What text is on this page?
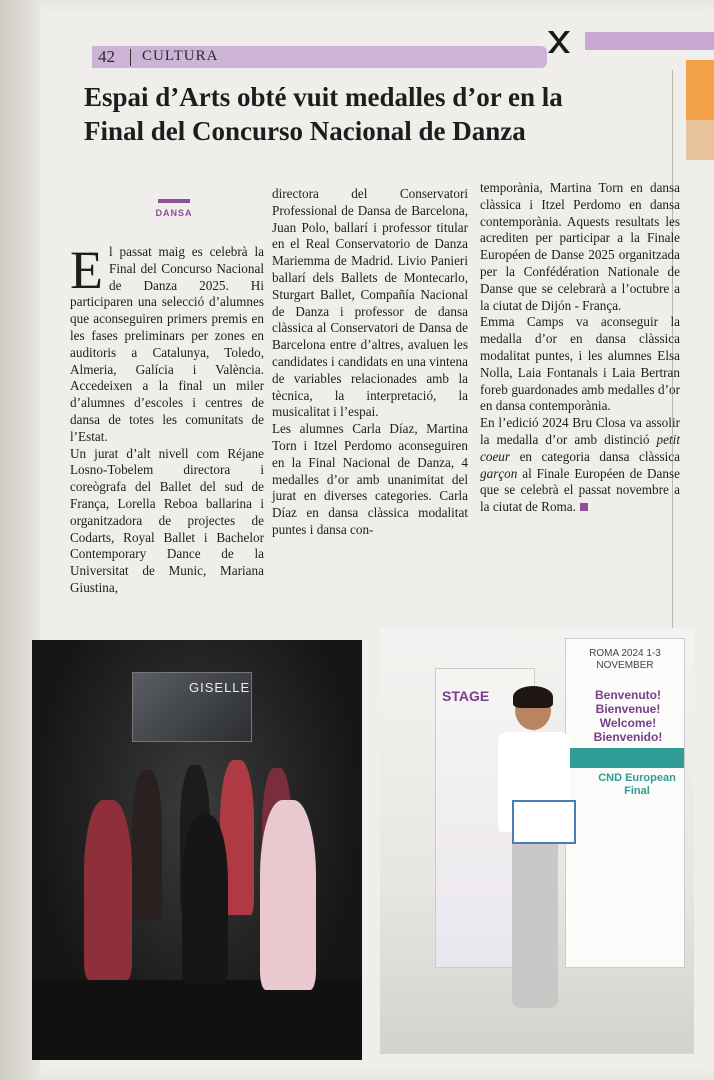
42 CULTURA
Espai d’Arts obté vuit medalles d’or en la Final del Concurso Nacional de Danza
DANSA

El passat maig es celebrà la Final del Concurso Nacional de Danza 2025. Hi participaren una selecció d’alumnes que aconseguiren primers premis en les fases preliminars per zones en auditoris a Catalunya, Toledo, Almeria, Galícia i València. Accedeixen a la final un miler d’alumnes d’escoles i centres de dansa de totes les comunitats de l’Estat.

Un jurat d’alt nivell com Réjane Losno-Tobelem directora i coreògrafa del Ballet del sud de França, Lorella Reboa ballarina i organitzadora de projectes de Codarts, Royal Ballet i Bachelor Contemporary Dance de la Universitat de Munic, Mariana Giustina,

directora del Conservatori Professional de Dansa de Barcelona, Juan Polo, ballarí i professor titular en el Real Conservatorio de Danza Mariemma de Madrid. Livio Panieri ballarí dels Ballets de Montecarlo, Sturgart Ballet, Compañía Nacional de Danza i professor de dansa clàssica al Conservatori de Dansa de Barcelona entre d’altres, avaluen les candidates i candidats en una vintena de variables relacionades amb la tècnica, la interpretació, la musicalitat i l’espai.

Les alumnes Carla Díaz, Martina Torn i Itzel Perdomo aconseguiren en la Final Nacional de Danza, 4 medalles d’or amb unanimitat del jurat en diverses categories. Carla Díaz en dansa clàssica modalitat puntes i dansa con-

temporània, Martina Torn en dansa clàssica i Itzel Perdomo en dansa contemporània. Aquests resultats les acrediten per participar a la Finale Européen de Danse 2025 organitzada per la Confédération Nationale de Danse que se celebrarà a l’octubre a la ciutat de Dijón - França.

Emma Camps va aconseguir la medalla d’or en dansa clàssica modalitat puntes, i les alumnes Elsa Nolla, Laia Fontanals i Laia Bertran foreb guardonades amb medalles d’or en dansa contemporània.

En l’edició 2024 Bru Closa va assolir la medalla d’or amb distinció petit coeur en categoria dansa clàssica garçon al Finale Européen de Danse que se celebrà el passat novembre a la ciutat de Roma.

GISELLE
STAGE
ROMA 2024 1-3 NOVEMBER
Benvenuto! Bienvenue! Welcome! Bienvenido!
CND European Final
